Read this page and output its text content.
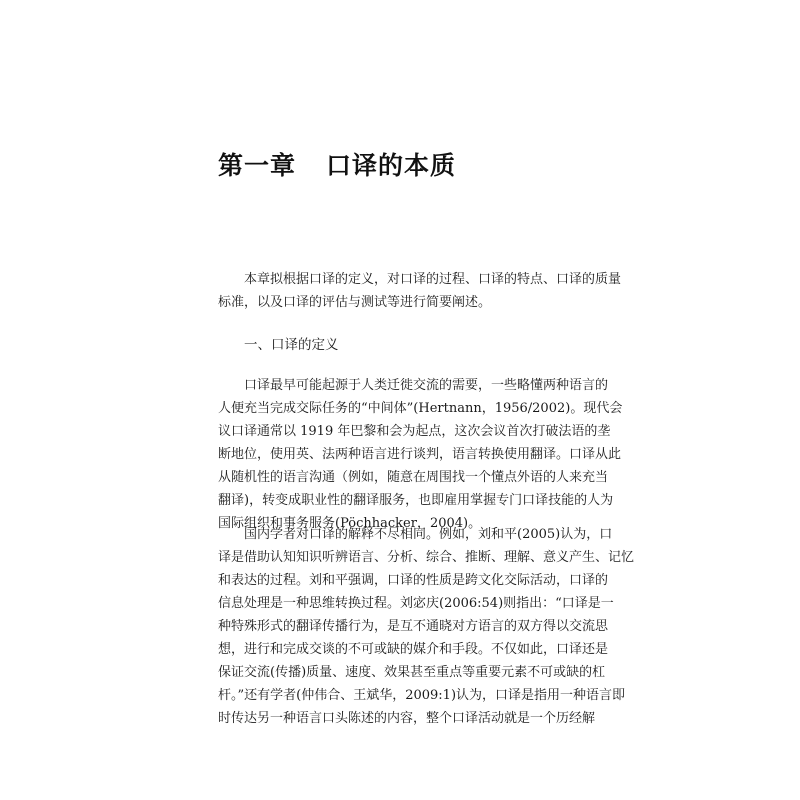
第一章 口译的本质
本章拟根据口译的定义，对口译的过程、口译的特点、口译的质量
标准，以及口译的评估与测试等进行简要阐述。
一、口译的定义
口译最早可能起源于人类迁徙交流的需要，一些略懂两种语言的
人便充当完成交际任务的“中间体”(Hertnann，1956/2002)。现代会
议口译通常以 1919 年巴黎和会为起点，这次会议首次打破法语的垄
断地位，使用英、法两种语言进行谈判，语言转换使用翻译。口译从此
从随机性的语言沟通（例如，随意在周围找一个懂点外语的人来充当
翻译)，转变成职业性的翻译服务，也即雇用掌握专门口译技能的人为
国际组织和事务服务(Pöchhacker，2004)。
国内学者对口译的解释不尽相同。例如，刘和平(2005)认为，口
译是借助认知知识听辨语言、分析、综合、推断、理解、意义产生、记忆
和表达的过程。刘和平强调，口译的性质是跨文化交际活动，口译的
信息处理是一种思维转换过程。刘宓庆(2006:54)则指出：“口译是一
种特殊形式的翻译传播行为，是互不通晓对方语言的双方得以交流思
想，进行和完成交谈的不可或缺的媒介和手段。不仅如此，口译还是
保证交流(传播)质量、速度、效果甚至重点等重要元素不可或缺的杠
杆。”还有学者(仲伟合、王斌华，2009:1)认为，口译是指用一种语言即
时传达另一种语言口头陈述的内容，整个口译活动就是一个历经解
